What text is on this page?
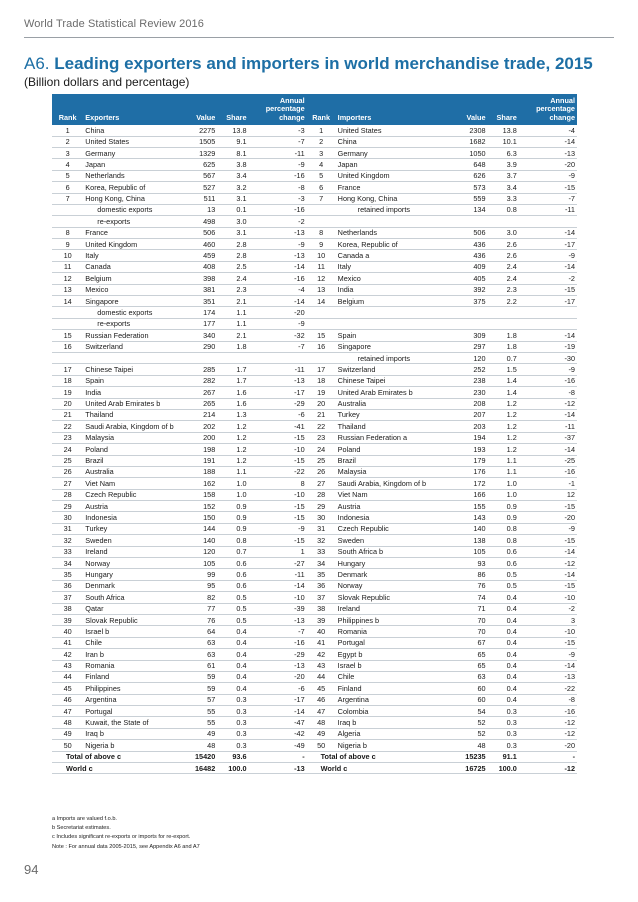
World Trade Statistical Review 2016
A6. Leading exporters and importers in world merchandise trade, 2015
(Billion dollars and percentage)
Rank	Exporters	Value	Share	Annual percentage change	Rank	Importers	Value	Share	Annual percentage change
1	China	2275	13.8	-3	1	United States	2308	13.8	-4
2	United States	1505	9.1	-7	2	China	1682	10.1	-14
3	Germany	1329	8.1	-11	3	Germany	1050	6.3	-13
4	Japan	625	3.8	-9	4	Japan	648	3.9	-20
5	Netherlands	567	3.4	-16	5	United Kingdom	626	3.7	-9
6	Korea, Republic of	527	3.2	-8	6	France	573	3.4	-15
7	Hong Kong, China	511	3.1	-3	7	Hong Kong, China	559	3.3	-7
	domestic exports	13	0.1	-16		retained imports	134	0.8	-11
	re-exports	498	3.0	-2					
8	France	506	3.1	-13	8	Netherlands	506	3.0	-14
9	United Kingdom	460	2.8	-9	9	Korea, Republic of	436	2.6	-17
10	Italy	459	2.8	-13	10	Canada a	436	2.6	-9
11	Canada	408	2.5	-14	11	Italy	409	2.4	-14
12	Belgium	398	2.4	-16	12	Mexico	405	2.4	-2
13	Mexico	381	2.3	-4	13	India	392	2.3	-15
14	Singapore	351	2.1	-14	14	Belgium	375	2.2	-17
	domestic exports	174	1.1	-20					
	re-exports	177	1.1	-9					
15	Russian Federation	340	2.1	-32	15	Spain	309	1.8	-14
16	Switzerland	290	1.8	-7	16	Singapore	297	1.8	-19
						retained imports	120	0.7	-30
17	Chinese Taipei	285	1.7	-11	17	Switzerland	252	1.5	-9
18	Spain	282	1.7	-13	18	Chinese Taipei	238	1.4	-16
19	India	267	1.6	-17	19	United Arab Emirates b	230	1.4	-8
20	United Arab Emirates b	265	1.6	-29	20	Australia	208	1.2	-12
21	Thailand	214	1.3	-6	21	Turkey	207	1.2	-14
22	Saudi Arabia, Kingdom of b	202	1.2	-41	22	Thailand	203	1.2	-11
23	Malaysia	200	1.2	-15	23	Russian Federation a	194	1.2	-37
24	Poland	198	1.2	-10	24	Poland	193	1.2	-14
25	Brazil	191	1.2	-15	25	Brazil	179	1.1	-25
26	Australia	188	1.1	-22	26	Malaysia	176	1.1	-16
27	Viet Nam	162	1.0	8	27	Saudi Arabia, Kingdom of b	172	1.0	-1
28	Czech Republic	158	1.0	-10	28	Viet Nam	166	1.0	12
29	Austria	152	0.9	-15	29	Austria	155	0.9	-15
30	Indonesia	150	0.9	-15	30	Indonesia	143	0.9	-20
31	Turkey	144	0.9	-9	31	Czech Republic	140	0.8	-9
32	Sweden	140	0.8	-15	32	Sweden	138	0.8	-15
33	Ireland	120	0.7	1	33	South Africa b	105	0.6	-14
34	Norway	105	0.6	-27	34	Hungary	93	0.6	-12
35	Hungary	99	0.6	-11	35	Denmark	86	0.5	-14
36	Denmark	95	0.6	-14	36	Norway	76	0.5	-15
37	South Africa	82	0.5	-10	37	Slovak Republic	74	0.4	-10
38	Qatar	77	0.5	-39	38	Ireland	71	0.4	-2
39	Slovak Republic	76	0.5	-13	39	Philippines b	70	0.4	3
40	Israel b	64	0.4	-7	40	Romania	70	0.4	-10
41	Chile	63	0.4	-16	41	Portugal	67	0.4	-15
42	Iran b	63	0.4	-29	42	Egypt b	65	0.4	-9
43	Romania	61	0.4	-13	43	Israel b	65	0.4	-14
44	Finland	59	0.4	-20	44	Chile	63	0.4	-13
45	Philippines	59	0.4	-6	45	Finland	60	0.4	-22
46	Argentina	57	0.3	-17	46	Argentina	60	0.4	-8
47	Portugal	55	0.3	-14	47	Colombia	54	0.3	-16
48	Kuwait, the State of	55	0.3	-47	48	Iraq b	52	0.3	-12
49	Iraq b	49	0.3	-42	49	Algeria	52	0.3	-12
50	Nigeria b	48	0.3	-49	50	Nigeria b	48	0.3	-20
Total of above c		15420	93.6	-	Total of above c		15235	91.1	-
World c		16482	100.0	-13	World c		16725	100.0	-12
a Imports are valued f.o.b.
b Secretariat estimates.
c Includes significant re-exports or imports for re-export.
Note : For annual data 2005-2015, see Appendix A6 and A7
94
